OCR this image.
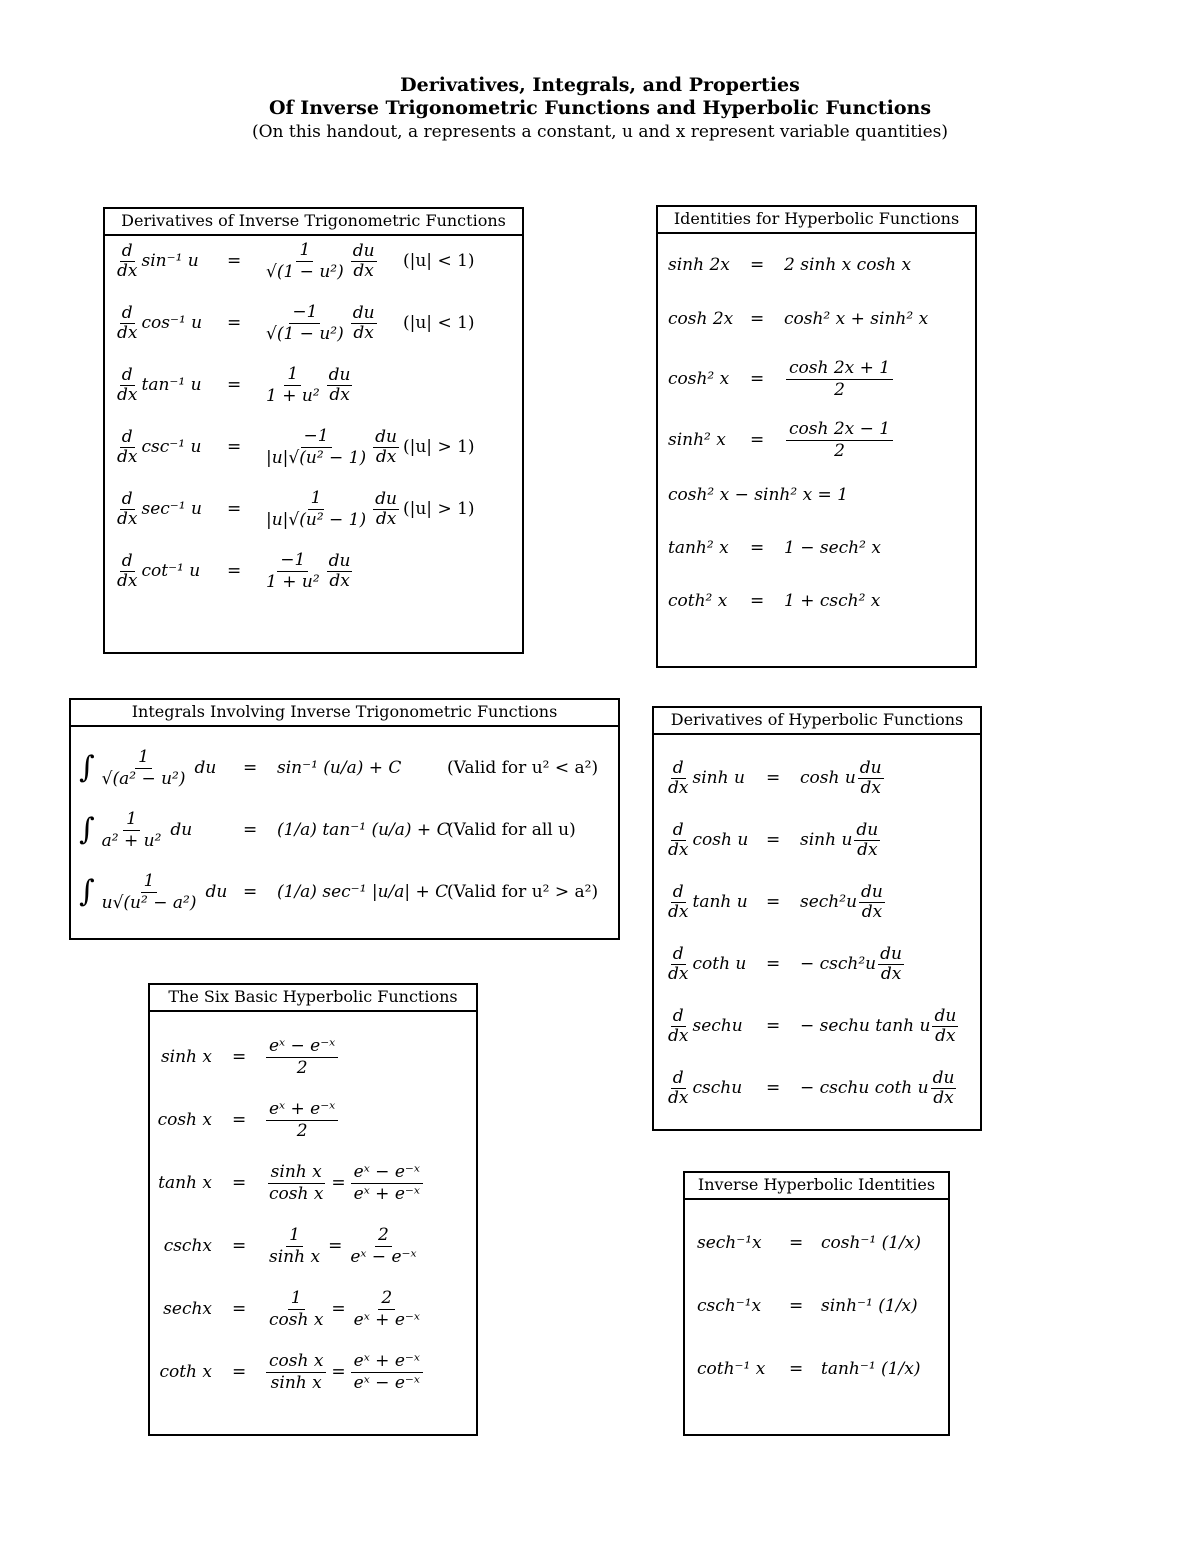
Derivatives, Integrals, and Properties
Of Inverse Trigonometric Functions and Hyperbolic Functions
(On this handout, a represents a constant, u and x represent variable quantities)
Derivatives of Inverse Trigonometric Functions
$\frac{d}{dx} \sin^{-1}$ $u = \frac{1}{\text{√(1 − u²)}} \frac{du}{dx} (|u| < 1)$
$\frac{d}{dx} \cos^{-1}$ $u = \frac{-1}{\text{√(1 − u²)}} \frac{du}{dx} (|u| < 1)$
$\frac{d}{dx} \tan^{-1}$ $u = \frac{1}{\text{1 + u²}} \frac{du}{dx}$
$\frac{d}{dx} \csc^{-1}$ $u = \frac{-1}{\text{|u|√(u² − 1)}} \frac{du}{dx} (|u| > 1)$
$\frac{d}{dx} \sec^{-1}$ $u = \frac{1}{\text{|u|√(u² − 1)}} \frac{du}{dx} (|u| > 1)$
$\frac{d}{dx} \cot^{-1}$ $u = \frac{-1}{\text{1 + u²}} \frac{du}{dx}$
Identities for Hyperbolic Functions
sinh 2x = 2 sinh x cosh x
cosh 2x = cosh² x + sinh² x
cosh² $x = \frac{\cosh 2x + 1}{2}$
sinh² $x = \frac{\cosh 2x - 1}{2}$
cosh² x − sinh² x = 1
tanh² x = 1 − sech² x
coth² x = 1 + csch² x
Integrals Involving Inverse Trigonometric Functions
∫ $\frac{1}{\text{√(a² − u²)}}$ du = sin⁻¹ (u/a) + C	(Valid for u² < a²)
∫ $\frac{1}{\text{a² + u²}}$ du	= (1/a) tan⁻¹ (u/a) + C
(Valid for all u)
∫ $\frac{1}{\text{u√(u² − a²)}}$ du = (1/a) sec⁻¹ |u/a| + C
(Valid for u² > a²)
Derivatives of Hyperbolic Functions
$\frac{d}{dx}$ sinh u = cosh u $\frac{du}{dx}$
$\frac{d}{dx}$ cosh u = sinh u $\frac{du}{dx}$
$\frac{d}{dx}$ $\tanh u = \sec h^2u \frac{du}{dx}$
$\frac{d}{dx}$ coth u = − $\csc h^2u \frac{du}{dx}$
$\frac{d}{dx}$ sechu = − sechu tanh u $\frac{du}{dx}$
$\frac{d}{dx}$ cschu = − cschu coth u $\frac{du}{dx}$
The Six Basic Hyperbolic Functions
$\sinh x = \frac{\text{eˣ − e⁻ˣ}}{2}$
$\cosh x = \frac{\text{eˣ + e⁻ˣ}}{2}$
$\tanh x = \frac{\text{sinh x}}{\text{cosh x}} = \frac{\text{eˣ − e⁻ˣ}}{\text{eˣ + e⁻ˣ}}$
cschx = $\frac{1}{\text{sinh x}} = \frac{2}{\text{eˣ − e⁻ˣ}}$
sechx = $\frac{1}{\text{cosh x}} = \frac{2}{\text{eˣ + e⁻ˣ}}$
coth $x = \frac{\text{cosh x}}{\text{sinh x}} = \frac{\text{eˣ + e⁻ˣ}}{\text{eˣ − e⁻ˣ}}$
Inverse Hyperbolic Identities
sech⁻¹x = cosh⁻¹ (1/x)
csch⁻¹x = sinh⁻¹ (1/x)
coth⁻¹ x = tanh⁻¹ (1/x)
